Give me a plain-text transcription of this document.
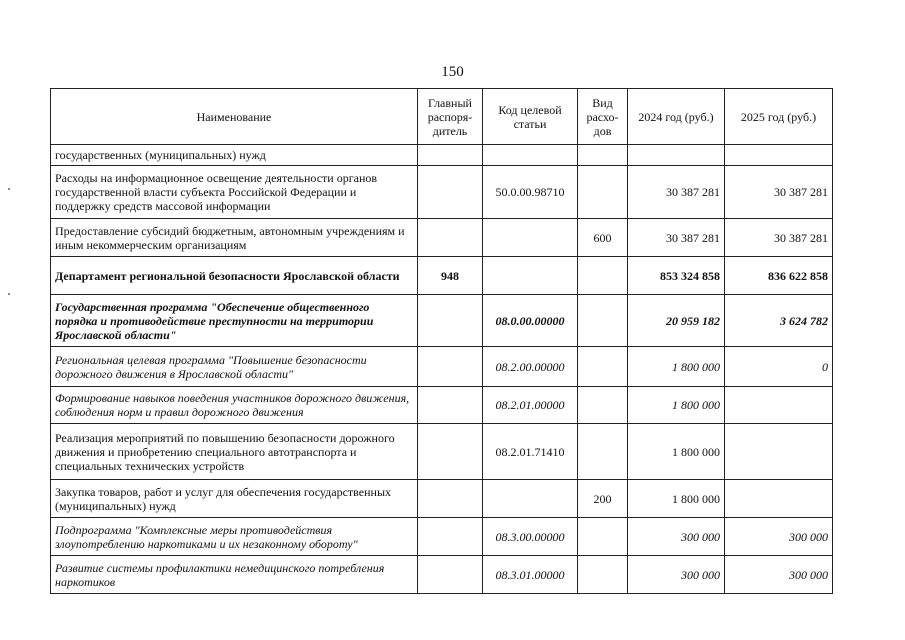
150
Наименование	Главный распоря- дитель	Код целевой статьи	Вид расхо- дов	2024 год (руб.)	2025 год (руб.)
государственных (муниципальных) нужд					
Расходы на информационное освещение деятельности органов государственной власти субъекта Российской Федерации и поддержку средств массовой информации		50.0.00.98710		30 387 281	30 387 281
Предоставление субсидий бюджетным, автономным учреждениям и иным некоммерческим организациям			600	30 387 281	30 387 281
Департамент региональной безопасности Ярославской области	948			853 324 858	836 622 858
Государственная программа "Обеспечение общественного порядка и противодействие преступности на территории Ярославской области"		08.0.00.00000		20 959 182	3 624 782
Региональная целевая программа "Повышение безопасности дорожного движения в Ярославской области"		08.2.00.00000		1 800 000	0
Формирование навыков поведения участников дорожного движения, соблюдения норм и правил дорожного движения		08.2.01.00000		1 800 000	
Реализация мероприятий по повышению безопасности дорожного движения и приобретению специального автотранспорта и специальных технических устройств		08.2.01.71410		1 800 000	
Закупка товаров, работ и услуг для обеспечения государственных (муниципальных) нужд			200	1 800 000	
Подпрограмма "Комплексные меры противодействия злоупотреблению наркотиками и их незаконному обороту"		08.3.00.00000		300 000	300 000
Развитие системы профилактики немедицинского потребления наркотиков		08.3.01.00000		300 000	300 000
